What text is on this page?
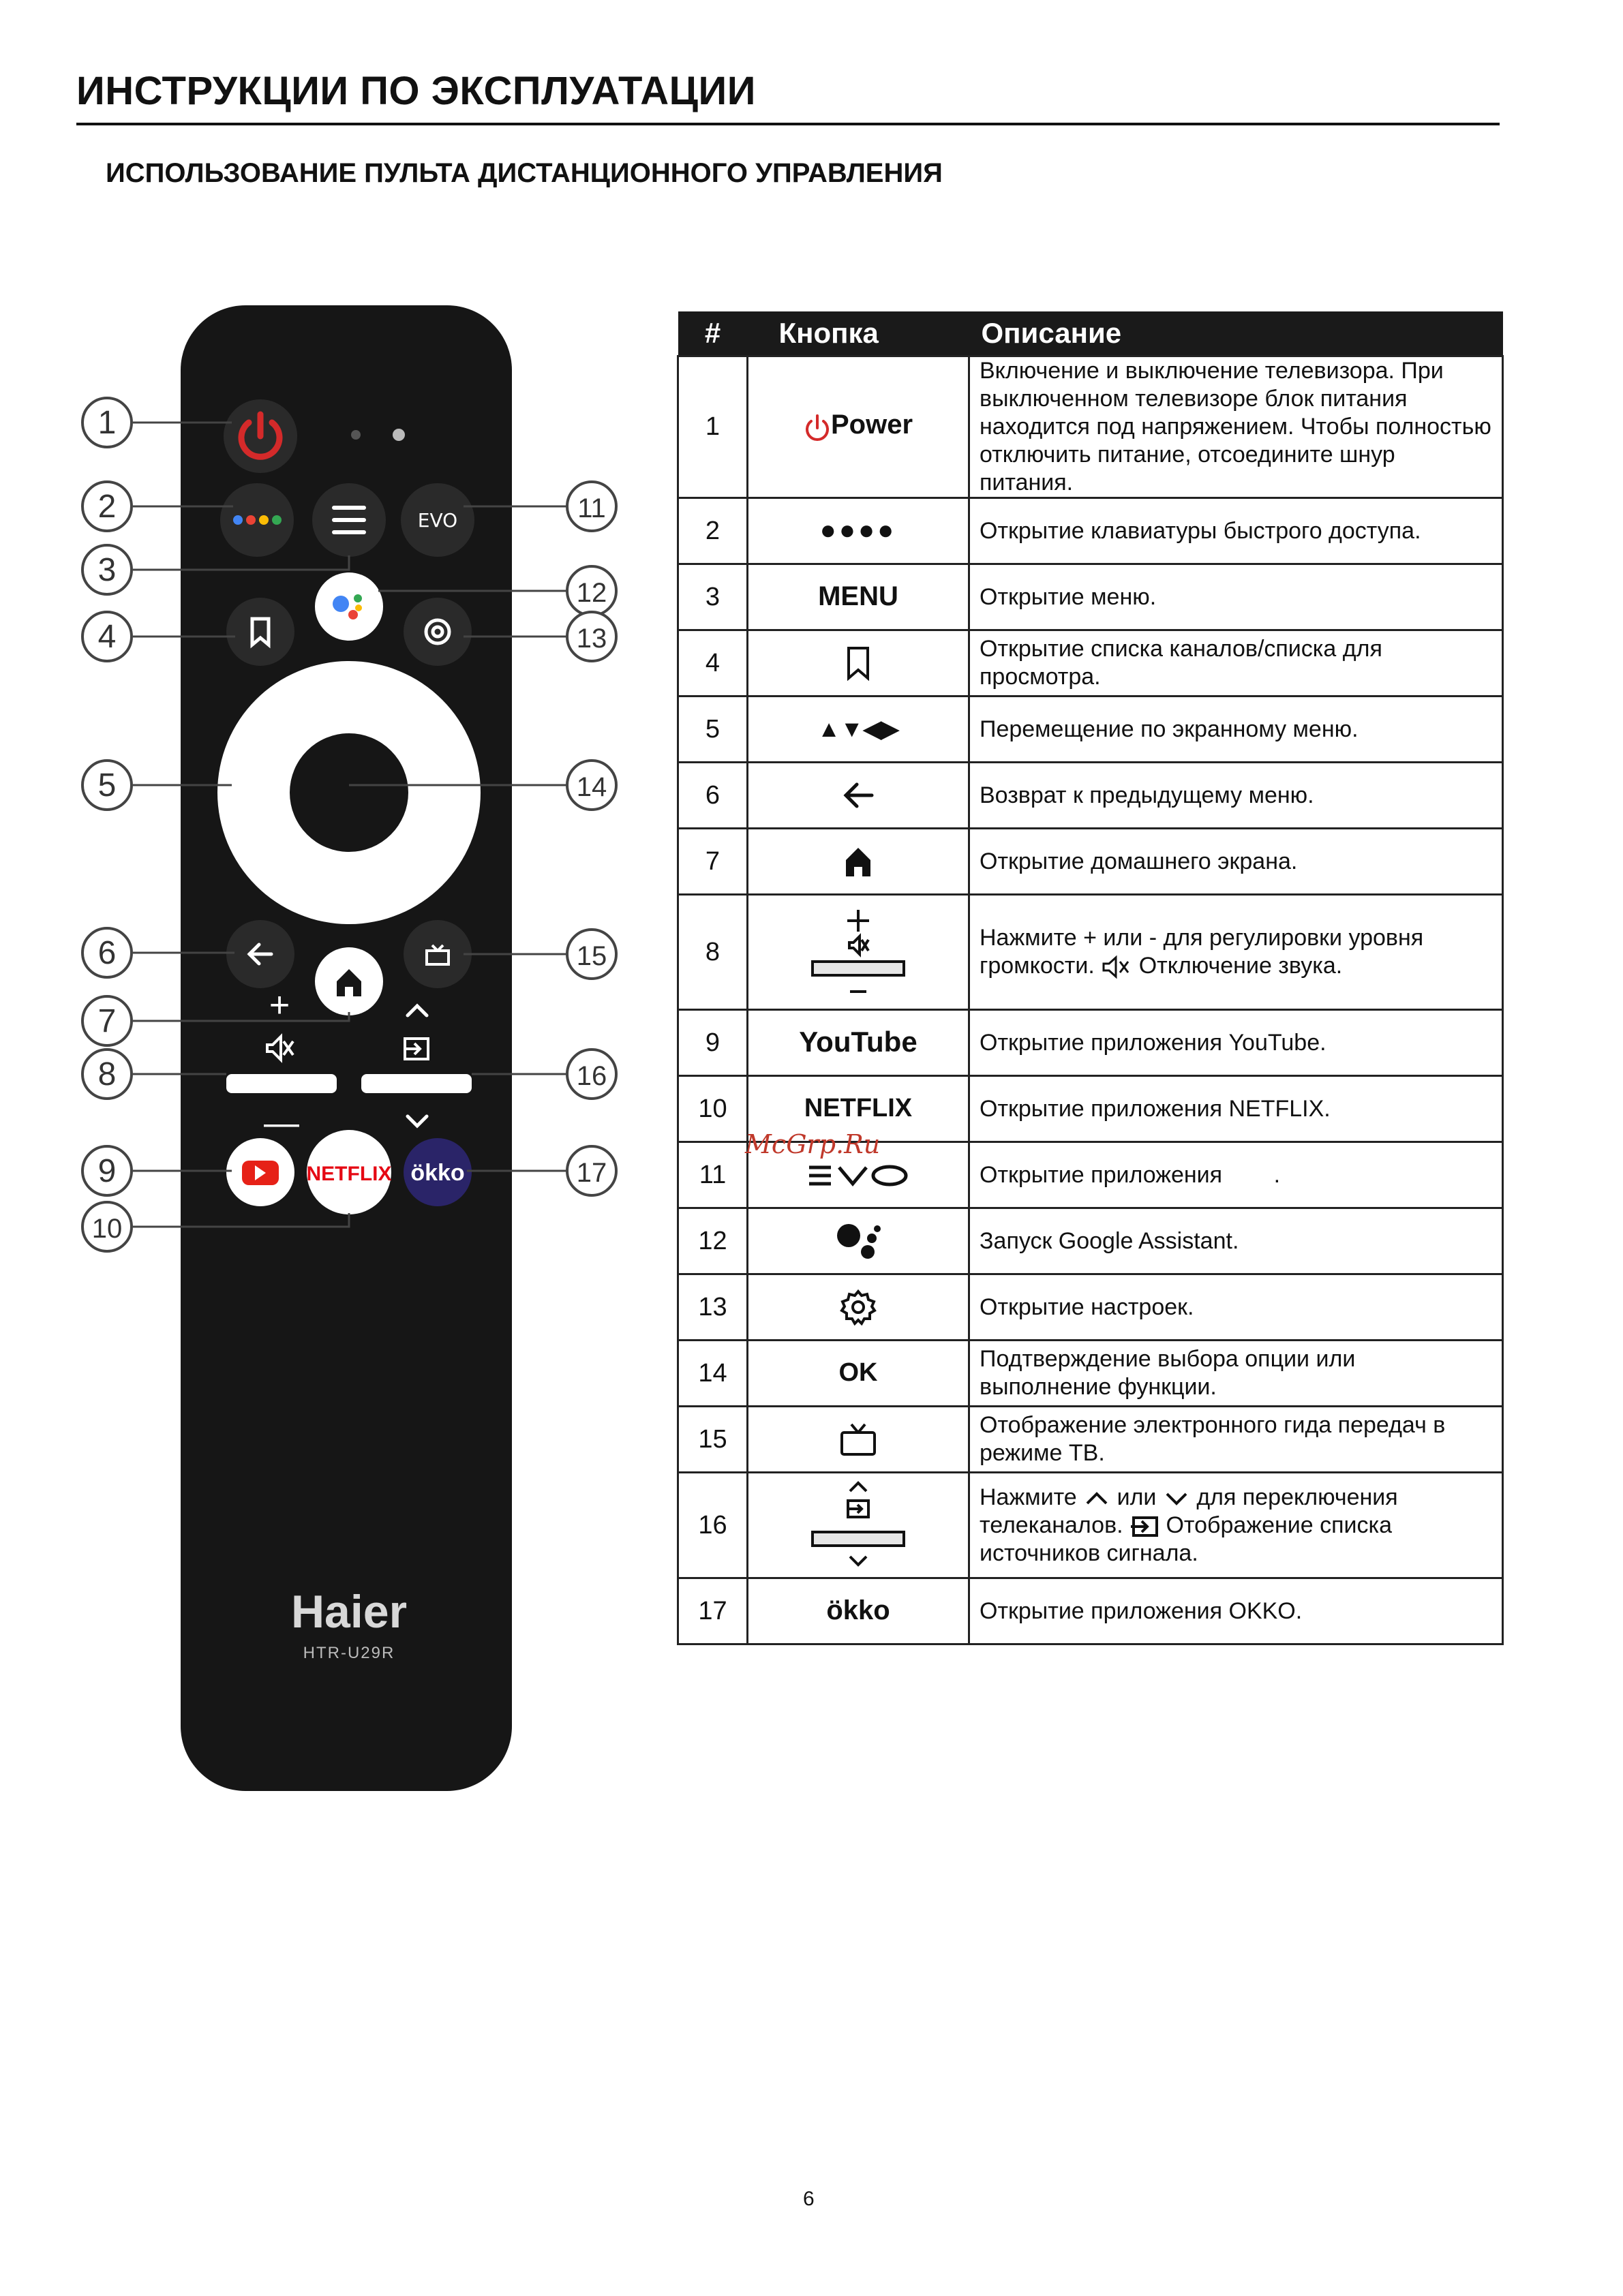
ИНСТРУКЦИИ ПО ЭКСПЛУАТАЦИИ
ИСПОЛЬЗОВАНИЕ ПУЛЬТА ДИСТАНЦИОННОГО УПРАВЛЕНИЯ
EVO
+
—
NETFLIX ökko
Haier
HTR-U29R
1
2
3
4
5
6
7
8
9
10
11
12
13
14
15
16
17
#	Кнопка	Описание
1	Power	Включение и выключение телевизора. При выключенном телевизоре блок питания находится под напряжением. Чтобы полностью отключить питание, отсоедините шнур питания.
2	●●●●	Открытие клавиатуры быстрого доступа.
3	MENU	Открытие меню.
4		Открытие списка каналов/списка для просмотра.
5	▲▼◀▶	Перемещение по экранному меню.
6		Возврат к предыдущему меню.
7		Открытие домашнего экрана.
8		Нажмите + или - для регулировки уровня громкости. Отключение звука.
9	YouTube	Открытие приложения YouTube.
10	NETFLIX	Открытие приложения NETFLIX.
11		Открытие приложения        .
12		Запуск Google Assistant.
13		Открытие настроек.
14	OK	Подтверждение выбора опции или выполнение функции.
15		Отображение электронного гида передач в режиме ТВ.
16		Нажмите или для переключения телеканалов. Отображение списка источников сигнала.
17	ökko	Открытие приложения OKKO.
McGrp.Ru
6
